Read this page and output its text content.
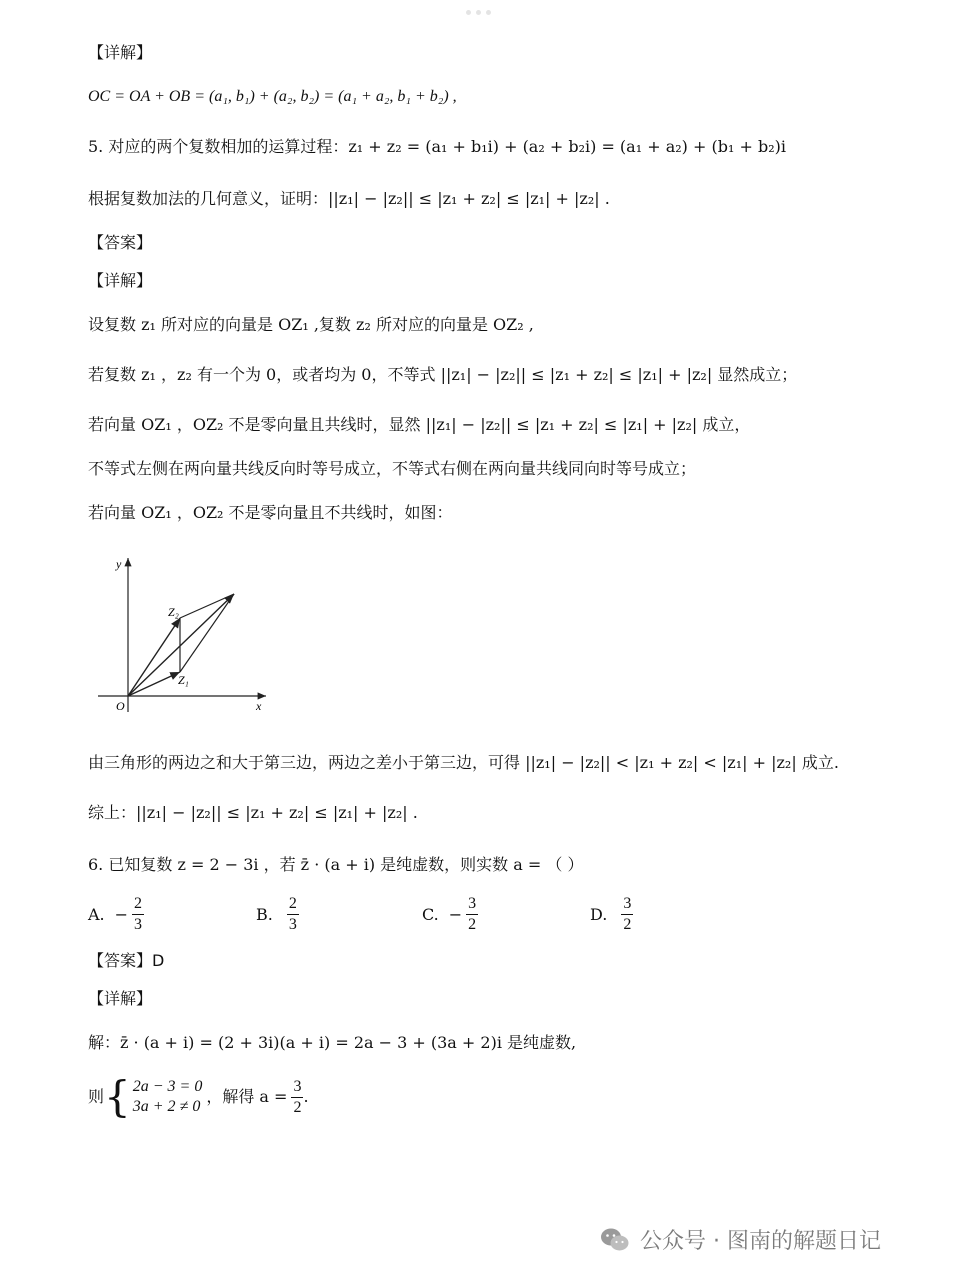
【详解】
OC = OA + OB = (a₁, b₁) + (a₂, b₂) = (a₁ + a₂, b₁ + b₂) ,
5. 对应的两个复数相加的运算过程：z₁ + z₂ = (a₁ + b₁i) + (a₂ + b₂i) = (a₁ + a₂) + (b₁ + b₂)i
根据复数加法的几何意义，证明：||z₁| − |z₂|| ≤ |z₁ + z₂| ≤ |z₁| + |z₂| .
【答案】
【详解】
设复数 z₁ 所对应的向量是 OZ₁ ,复数 z₂ 所对应的向量是 OZ₂ ,
若复数 z₁ ，z₂ 有一个为 0，或者均为 0，不等式 ||z₁| − |z₂|| ≤ |z₁ + z₂| ≤ |z₁| + |z₂| 显然成立；
若向量 OZ₁ ，OZ₂ 不是零向量且共线时，显然 ||z₁| − |z₂|| ≤ |z₁ + z₂| ≤ |z₁| + |z₂| 成立，
不等式左侧在两向量共线反向时等号成立，不等式右侧在两向量共线同向时等号成立；
若向量 OZ₁ ，OZ₂ 不是零向量且不共线时，如图：
y
x
O
Z₂
Z₁
由三角形的两边之和大于第三边，两边之差小于第三边，可得 ||z₁| − |z₂|| < |z₁ + z₂| < |z₁| + |z₂| 成立.
综上：||z₁| − |z₂|| ≤ |z₁ + z₂| ≤ |z₁| + |z₂| .
6. 已知复数 z = 2 − 3i ，若 z̄ · (a + i) 是纯虚数，则实数 a = （ ）
A. − $\frac{2}{3}$	B. $\frac{2}{3}$	C. − $\frac{3}{2}$	D. $\frac{3}{2}$
【答案】D
【详解】
解：z̄ · (a + i) = (2 + 3i)(a + i) = 2a − 3 + (3a + 2)i 是纯虚数,
则 { 2a − 3 = 0
3a + 2 ≠ 0
，解得 $a = \frac{3}{2}$ .
公众号 · 图南的解题日记
